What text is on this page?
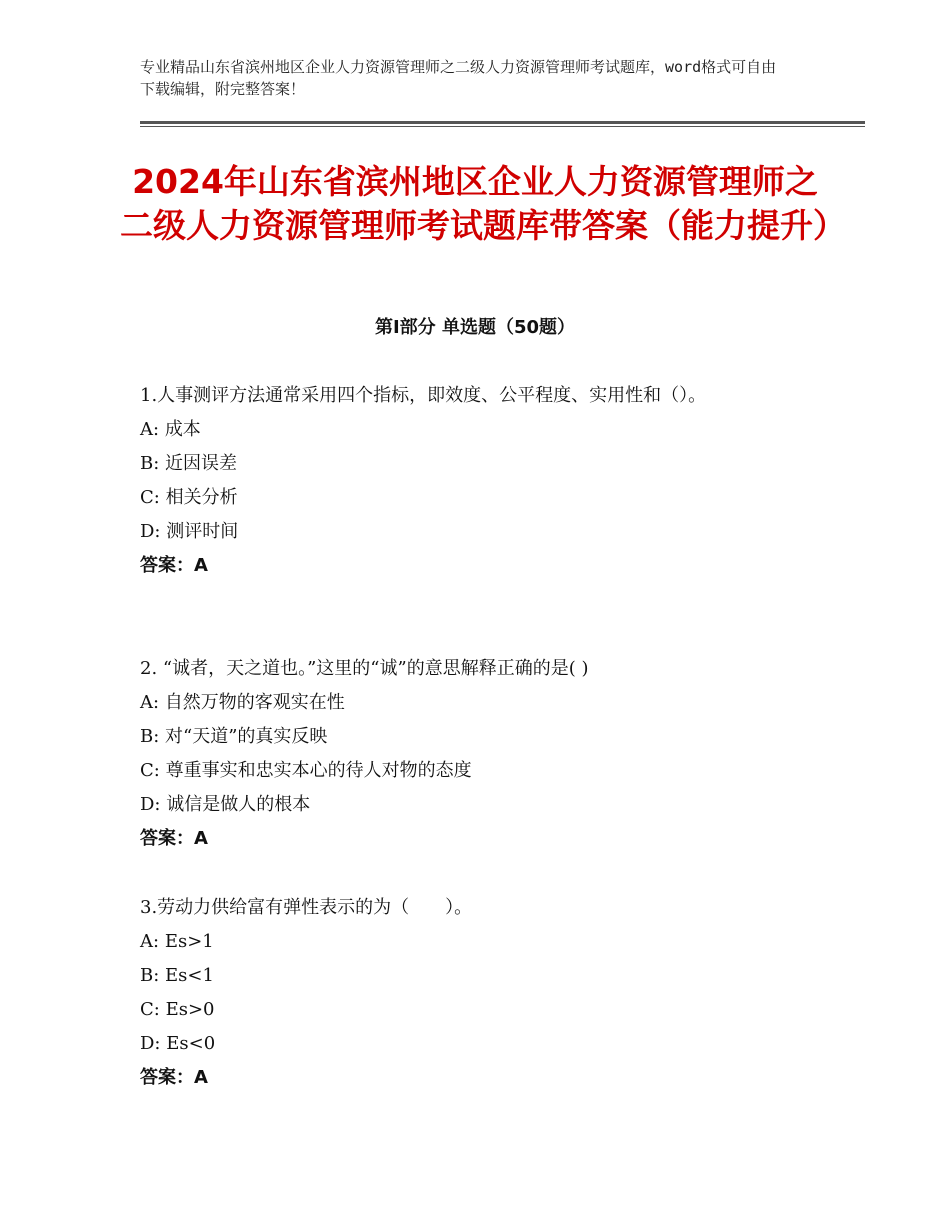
专业精品山东省滨州地区企业人力资源管理师之二级人力资源管理师考试题库，word格式可自由下载编辑，附完整答案！
2024年山东省滨州地区企业人力资源管理师之二级人力资源管理师考试题库带答案（能力提升）
第Ⅰ部分 单选题（50题）
1.人事测评方法通常采用四个指标，即效度、公平程度、实用性和（）。
A: 成本
B: 近因误差
C: 相关分析
D: 测评时间
答案：A
2. “诚者，天之道也。”这里的“诚”的意思解释正确的是( )
A: 自然万物的客观实在性
B: 对“天道”的真实反映
C: 尊重事实和忠实本心的待人对物的态度
D: 诚信是做人的根本
答案：A
3.劳动力供给富有弹性表示的为（　　）。
A: Es>1
B: Es<1
C: Es>0
D: Es<0
答案：A
